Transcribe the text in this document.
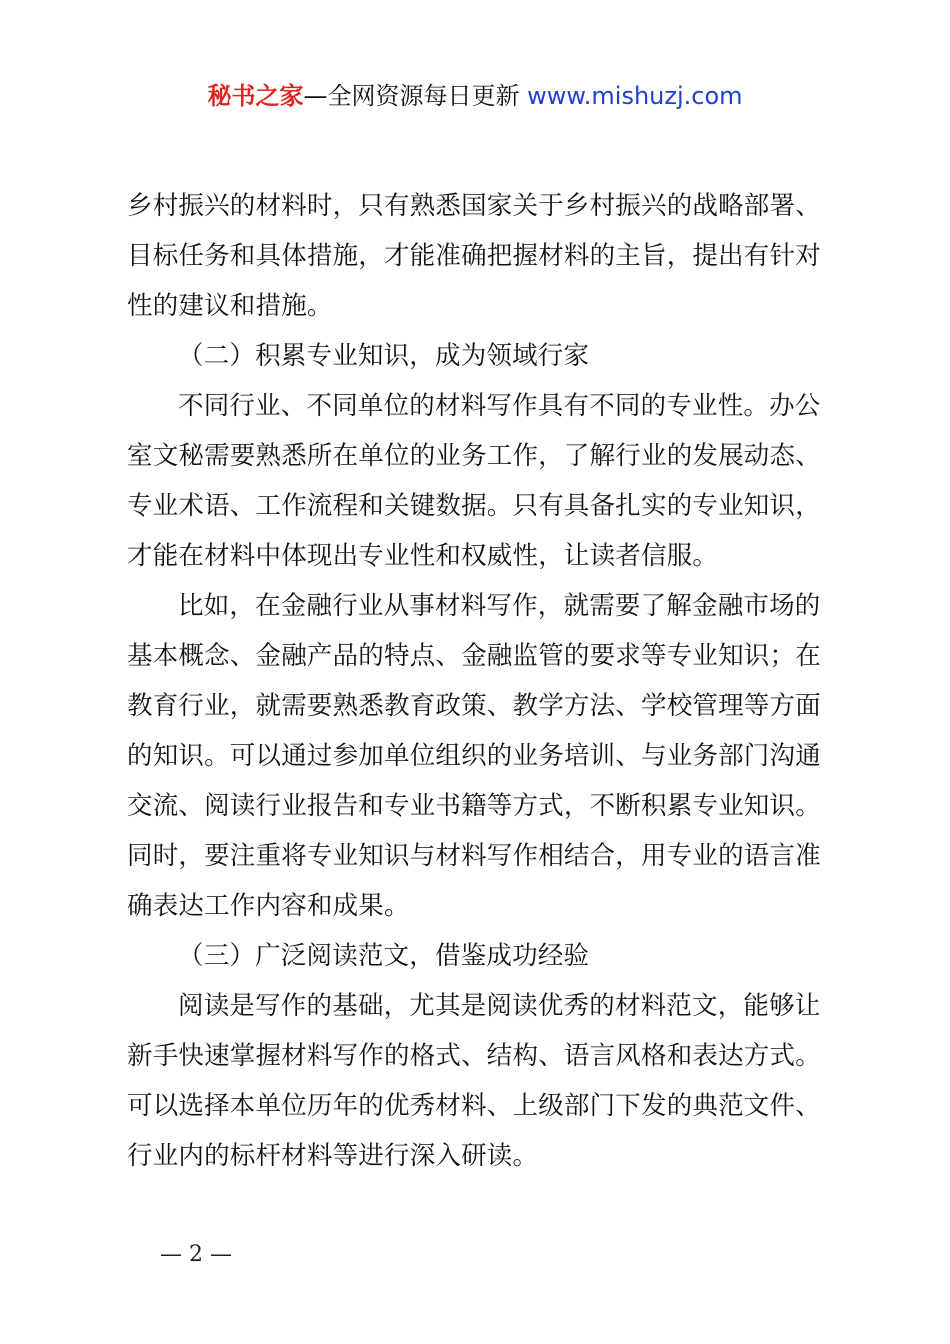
秘书之家—全网资源每日更新 www.mishuzj.com
乡村振兴的材料时，只有熟悉国家关于乡村振兴的战略部署、
目标任务和具体措施，才能准确把握材料的主旨，提出有针对
性的建议和措施。
（二）积累专业知识，成为领域行家
不同行业、不同单位的材料写作具有不同的专业性。办公
室文秘需要熟悉所在单位的业务工作，了解行业的发展动态、
专业术语、工作流程和关键数据。只有具备扎实的专业知识，
才能在材料中体现出专业性和权威性，让读者信服。
比如，在金融行业从事材料写作，就需要了解金融市场的
基本概念、金融产品的特点、金融监管的要求等专业知识；在
教育行业，就需要熟悉教育政策、教学方法、学校管理等方面
的知识。可以通过参加单位组织的业务培训、与业务部门沟通
交流、阅读行业报告和专业书籍等方式，不断积累专业知识。
同时，要注重将专业知识与材料写作相结合，用专业的语言准
确表达工作内容和成果。
（三）广泛阅读范文，借鉴成功经验
阅读是写作的基础，尤其是阅读优秀的材料范文，能够让
新手快速掌握材料写作的格式、结构、语言风格和表达方式。
可以选择本单位历年的优秀材料、上级部门下发的典范文件、
行业内的标杆材料等进行深入研读。
— 2 —
